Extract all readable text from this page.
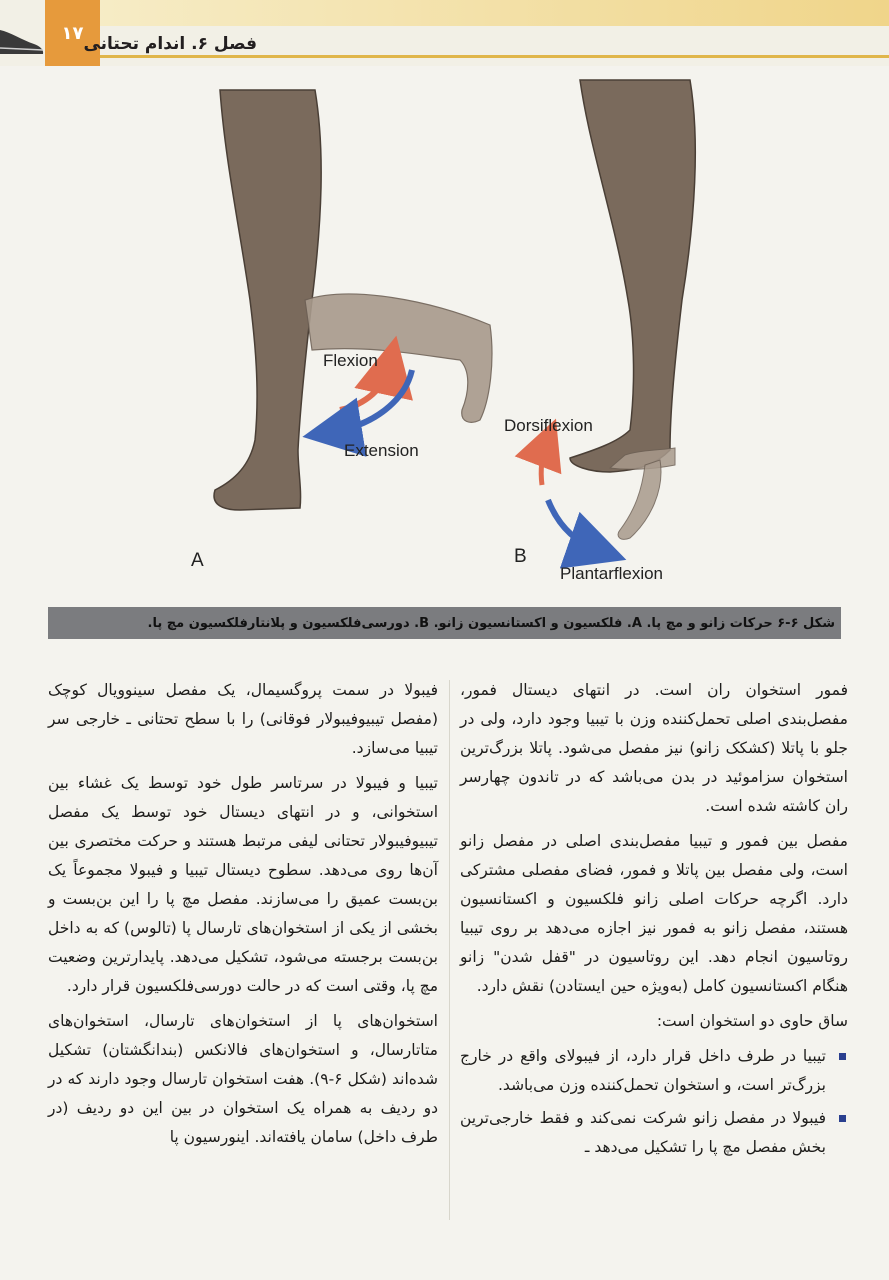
۱۷
فصل ۶. اندام تحتانی
Flexion
Extension
Dorsiflexion
Plantarflexion
A	B
شکل ۶-۶ حرکات زانو و مچ پا. A. فلکسیون و اکستانسیون زانو. B. دورسی‌فلکسیون و پلانتارفلکسیون مچ پا.

فمور استخوان ران است. در انتهای دیستال فمور، مفصل‌بندی اصلی تحمل‌کننده وزن با تیبیا وجود دارد، ولی در جلو با پاتلا (کشکک زانو) نیز مفصل می‌شود. پاتلا بزرگ‌ترین استخوان سزاموئید در بدن می‌باشد که در تاندون چهارسر ران کاشته شده است.

مفصل بین فمور و تیبیا مفصل‌بندی اصلی در مفصل زانو است، ولی مفصل بین پاتلا و فمور، فضای مفصلی مشترکی دارد. اگرچه حرکات اصلی زانو فلکسیون و اکستانسیون هستند، مفصل زانو به فمور نیز اجازه می‌دهد بر روی تیبیا روتاسیون انجام دهد. این روتاسیون در "قفل شدن" زانو هنگام اکستانسیون کامل (به‌ویژه حین ایستادن) نقش دارد.

ساق حاوی دو استخوان است:

تیبیا در طرف داخل قرار دارد، از فیبولای واقع در خارج بزرگ‌تر است، و استخوان تحمل‌کننده وزن می‌باشد.
فیبولا در مفصل زانو شرکت نمی‌کند و فقط خارجی‌ترین بخش مفصل مچ پا را تشکیل می‌دهد ـ

فیبولا در سمت پروگسیمال، یک مفصل سینوویال کوچک (مفصل تیبیوفیبولار فوقانی) را با سطح تحتانی ـ خارجی سر تیبیا می‌سازد.

تیبیا و فیبولا در سرتاسر طول خود توسط یک غشاء بین استخوانی، و در انتهای دیستال خود توسط یک مفصل تیبیوفیبولار تحتانی لیفی مرتبط هستند و حرکت مختصری بین آن‌ها روی می‌دهد. سطوح دیستال تیبیا و فیبولا مجموعاً یک بن‌بست عمیق را می‌سازند. مفصل مچ پا را این بن‌بست و بخشی از یکی از استخوان‌های تارسال پا (تالوس) که به داخل بن‌بست برجسته می‌شود، تشکیل می‌دهد. پایدارترین وضعیت مچ پا، وقتی است که در حالت دورسی‌فلکسیون قرار دارد.

استخوان‌های پا از استخوان‌های تارسال، استخوان‌های متاتارسال، و استخوان‌های فالانکس (بندانگشتان) تشکیل شده‌اند (شکل ۶-۹). هفت استخوان تارسال وجود دارند که در دو ردیف به همراه یک استخوان در بین این دو ردیف (در طرف داخل) سامان یافته‌اند. اینورسیون پا
